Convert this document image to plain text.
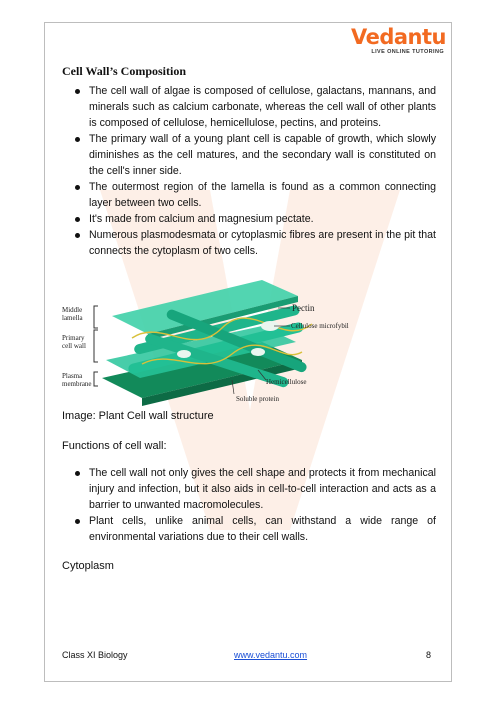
Vedantu
LIVE ONLINE TUTORING
Cell Wall’s Composition
The cell wall of algae is composed of cellulose, galactans, mannans, and minerals such as calcium carbonate, whereas the cell wall of other plants is composed of cellulose, hemicellulose, pectins, and proteins.
The primary wall of a young plant cell is capable of growth, which slowly diminishes as the cell matures, and the secondary wall is constituted on the cell's inner side.
The outermost region of the lamella is found as a common connecting layer between two cells.
It's made from calcium and magnesium pectate.
Numerous plasmodesmata or cytoplasmic fibres are present in the pit that connects the cytoplasm of two cells.
Middle lamella
Primary cell wall
Plasma membrane
Pectin
Cellulose microfybil
Hemicellulose
Soluble protein
Image: Plant Cell wall structure
Functions of cell wall:
The cell wall not only gives the cell shape and protects it from mechanical injury and infection, but it also aids in cell-to-cell interaction and acts as a barrier to unwanted macromolecules.
Plant cells, unlike animal cells, can withstand a wide range of environmental variations due to their cell walls.
Cytoplasm
Class XI Biology	www.vedantu.com	8
